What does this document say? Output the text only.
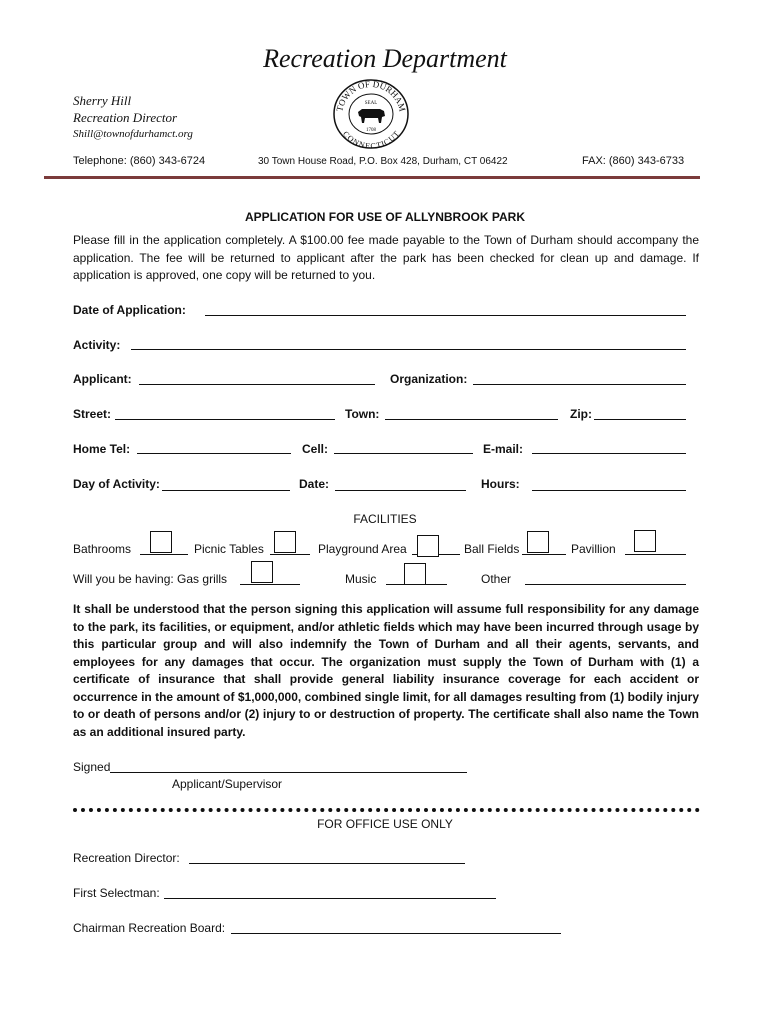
Recreation Department
Sherry Hill
Recreation Director
Shill@townofdurhamct.org
TOWN OF DURHAM
CONNECTICUT
SEAL
1708
Telephone: (860) 343-6724	30 Town House Road, P.O. Box 428, Durham, CT 06422	FAX: (860) 343-6733
APPLICATION FOR USE OF ALLYNBROOK PARK
Please fill in the application completely. A $100.00 fee made payable to the Town of Durham should accompany the application. The fee will be returned to applicant after the park has been checked for clean up and damage. If application is approved, one copy will be returned to you.
Date of Application:
Activity:
Applicant:	Organization:
Street:	Town:	Zip:
Home Tel:	Cell:	E-mail:
Day of Activity:	Date:	Hours:
FACILITIES
Bathrooms	Picnic Tables	Playground Area	Ball Fields	Pavillion
Will you be having: Gas grills	Music	Other
It shall be understood that the person signing this application will assume full responsibility for any damage to the park, its facilities, or equipment, and/or athletic fields which may have been incurred through usage by this particular group and will also indemnify the Town of Durham and all their agents, servants, and employees for any damages that occur. The organization must supply the Town of Durham with (1) a certificate of insurance that shall provide general liability insurance coverage for each accident or occurrence in the amount of $1,000,000, combined single limit, for all damages resulting from (1) bodily injury to or death of persons and/or (2) injury to or destruction of property. The certificate shall also name the Town as an additional insured party.
Signed
Applicant/Supervisor
FOR OFFICE USE ONLY
Recreation Director:
First Selectman:
Chairman Recreation Board:
